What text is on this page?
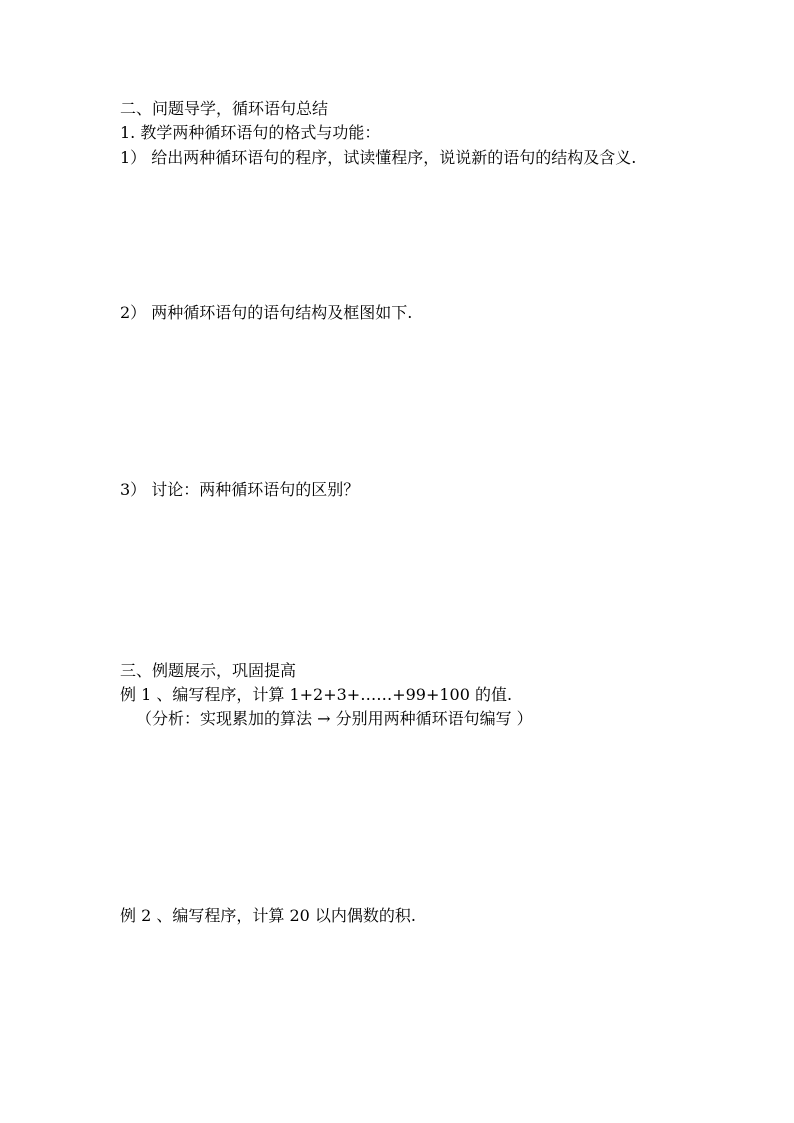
二、问题导学，循环语句总结
1. 教学两种循环语句的格式与功能：
1） 给出两种循环语句的程序，试读懂程序，说说新的语句的结构及含义.
2） 两种循环语句的语句结构及框图如下.
3） 讨论：两种循环语句的区别？
三、例题展示，巩固提高
例 1 、编写程序，计算 1+2+3+……+99+100 的值.
（分析：实现累加的算法 → 分别用两种循环语句编写 ）
例 2 、编写程序，计算 20 以内偶数的积.
